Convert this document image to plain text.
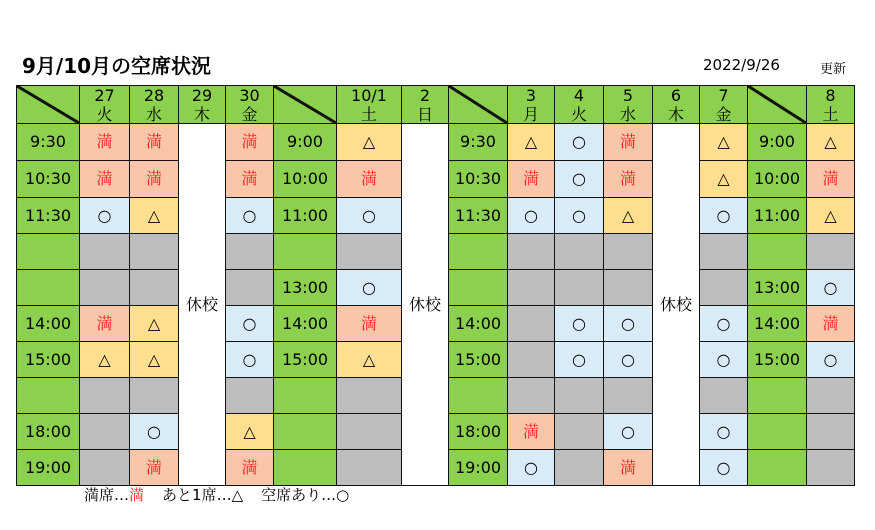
9月/10月の空席状況	2022/9/26	更新
	27	28	29	30		10/1	2		3	4	5	6	7		8
	火	水	木	金		土	日		月	火	水	木	金		土
9:30	満	満	休校	満	9:00	△	休校	9:30	△	○	満	休校	△	9:00	△
10:30	満	満		満	10:00	満		10:30	満	○	満		△	10:00	満
11:30	○	△		○	11:00	○		11:30	○	○	△		○	11:00	△

					13:00	○								13:00	○
14:00	満	△		○	14:00	満		14:00		○	○		○	14:00	満
15:00	△	△		○	15:00	△		15:00		○	○		○	15:00	○

18:00		○		△				18:00	満		○		○		
19:00		満		満				19:00	○		満		○		
満席…満 あと1席…△ 空席あり…○
